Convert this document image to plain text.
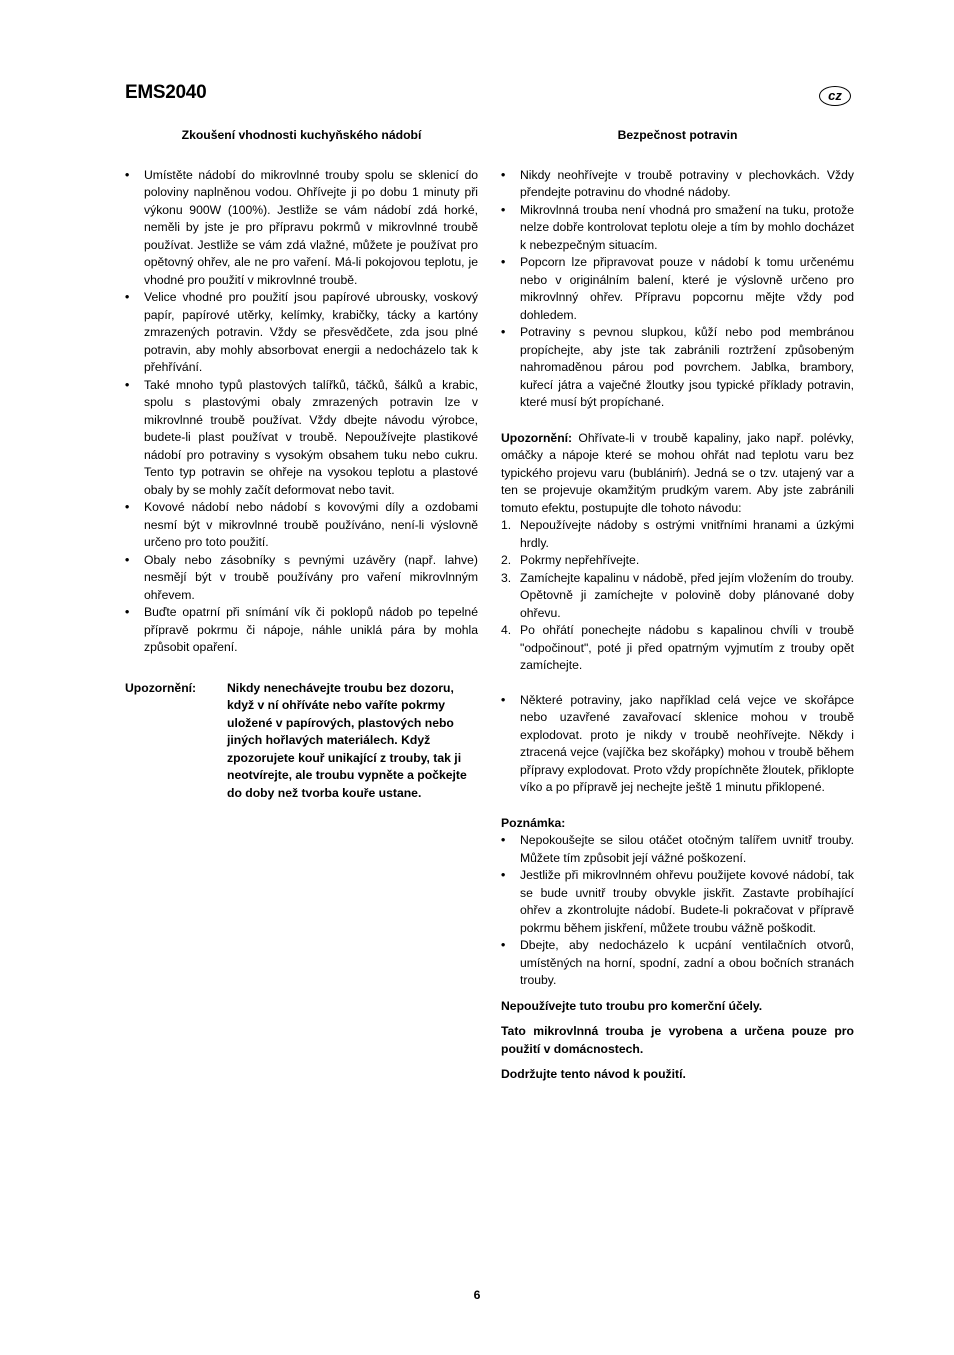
EMS2040	cz
Zkoušení vhodnosti kuchyňského nádobí
• Umístěte nádobí do mikrovlnné trouby spolu se sklenicí do poloviny naplněnou vodou. Ohřívejte ji po dobu 1 minuty při výkonu 900W (100%). Jestliže se vám nádobí zdá horké, neměli by jste je pro přípravu pokrmů v mikrovlnné troubě používat. Jestliže se vám zdá vlažné, můžete je používat pro opětovný ohřev, ale ne pro vaření. Má-li pokojovou teplotu, je vhodné pro použití v mikrovlnné troubě.
• Velice vhodné pro použití jsou papírové ubrousky, voskový papír, papírové utěrky, kelímky, krabičky, tácky a kartóny zmrazených potravin. Vždy se přesvědčete, zda jsou plné potravin, aby mohly absorbovat energii a nedocházelo tak k přehřívání.
• Také mnoho typů plastových talířků, táčků, šálků a krabic, spolu s plastovými obaly zmrazených potravin lze v mikrovlnné troubě používat. Vždy dbejte návodu výrobce, budete-li plast používat v troubě. Nepoužívejte plastikové nádobí pro potraviny s vysokým obsahem tuku nebo cukru. Tento typ potravin se ohřeje na vysokou teplotu a plastové obaly by se mohly začít deformovat nebo tavit.
• Kovové nádobí nebo nádobí s kovovými díly a ozdobami nesmí být v mikrovlnné troubě používáno, není-li výslovně určeno pro toto použití.
• Obaly nebo zásobníky s pevnými uzávěry (např. lahve) nesmějí být v troubě používány pro vaření mikrovlnným ohřevem.
• Buďte opatrní při snímání vík či poklopů nádob po tepelné přípravě pokrmu či nápoje, náhle uniklá pára by mohla způsobit opaření.
Upozornění:	Nikdy nenechávejte troubu bez dozoru, když v ní ohříváte nebo vaříte pokrmy uložené v papírových, plastových nebo jiných hořlavých materiálech. Když zpozorujete kouř unikající z trouby, tak ji neotvírejte, ale troubu vypněte a počkejte do doby než tvorba kouře ustane.
Bezpečnost potravin
• Nikdy neohřívejte v troubě potraviny v plechovkách. Vždy přendejte potravinu do vhodné nádoby.
• Mikrovlnná trouba není vhodná pro smažení na tuku, protože nelze dobře kontrolovat teplotu oleje a tím by mohlo docházet k nebezpečným situacím.
• Popcorn lze připravovat pouze v nádobí k tomu určenému nebo v originálním balení, které je výslovně určeno pro mikrovlnný ohřev. Přípravu popcornu mějte vždy pod dohledem.
• Potraviny s pevnou slupkou, kůží nebo pod membránou propíchejte, aby jste tak zabránili roztržení způsobeným nahromaděnou párou pod povrchem. Jablka, brambory, kuřecí játra a vaječné žloutky jsou typické příklady potravin, které musí být propíchané.

Upozornění: Ohřívate-li v troubě kapaliny, jako např. polévky, omáčky a nápoje které se mohou ohřát nad teplotu varu bez typického projevu varu (bublániḿ). Jedná se o tzv. utajený var a ten se projevuje okamžitým prudkým varem. Aby jste zabránili tomuto efektu, postupujte dle tohoto návodu:

1. Nepoužívejte nádoby s ostrými vnitřními hranami a úzkými hrdly.
2. Pokrmy nepřehřívejte.
3. Zamíchejte kapalinu v nádobě, před jejím vložením do trouby. Opětovně ji zamíchejte v polovině doby plánované doby ohřevu.
4. Po ohřátí ponechejte nádobu s kapalinou chvíli v troubě "odpočinout", poté ji před opatrným vyjmutím z trouby opět zamíchejte.
• Některé potraviny, jako například celá vejce ve skořápce nebo uzavřené zavařovací sklenice mohou v troubě explodovat. proto je nikdy v troubě neohřívejte. Někdy i ztracená vejce (vajíčka bez skořápky) mohou v troubě během přípravy explodovat. Proto vždy propíchněte žloutek, přiklopte víko a po přípravě jej nechejte ještě 1 minutu přiklopené.
Poznámka:
• Nepokoušejte se silou otáčet otočným talířem uvnitř trouby. Můžete tím způsobit její vážné poškození.
• Jestliže při mikrovlnném ohřevu použijete kovové nádobí, tak se bude uvnitř trouby obvykle jiskřit. Zastavte probíhající ohřev a zkontrolujte nádobí. Budete-li pokračovat v přípravě pokrmu během jiskření, můžete troubu vážně poškodit.
• Dbejte, aby nedocházelo k ucpání ventilačních otvorů, umístěných na horní, spodní, zadní a obou bočních stranách trouby.

Nepoužívejte tuto troubu pro komerční účely.

Tato mikrovlnná trouba je vyrobena a určena pouze pro použití v domácnostech.

Dodržujte tento návod k použití.

6
